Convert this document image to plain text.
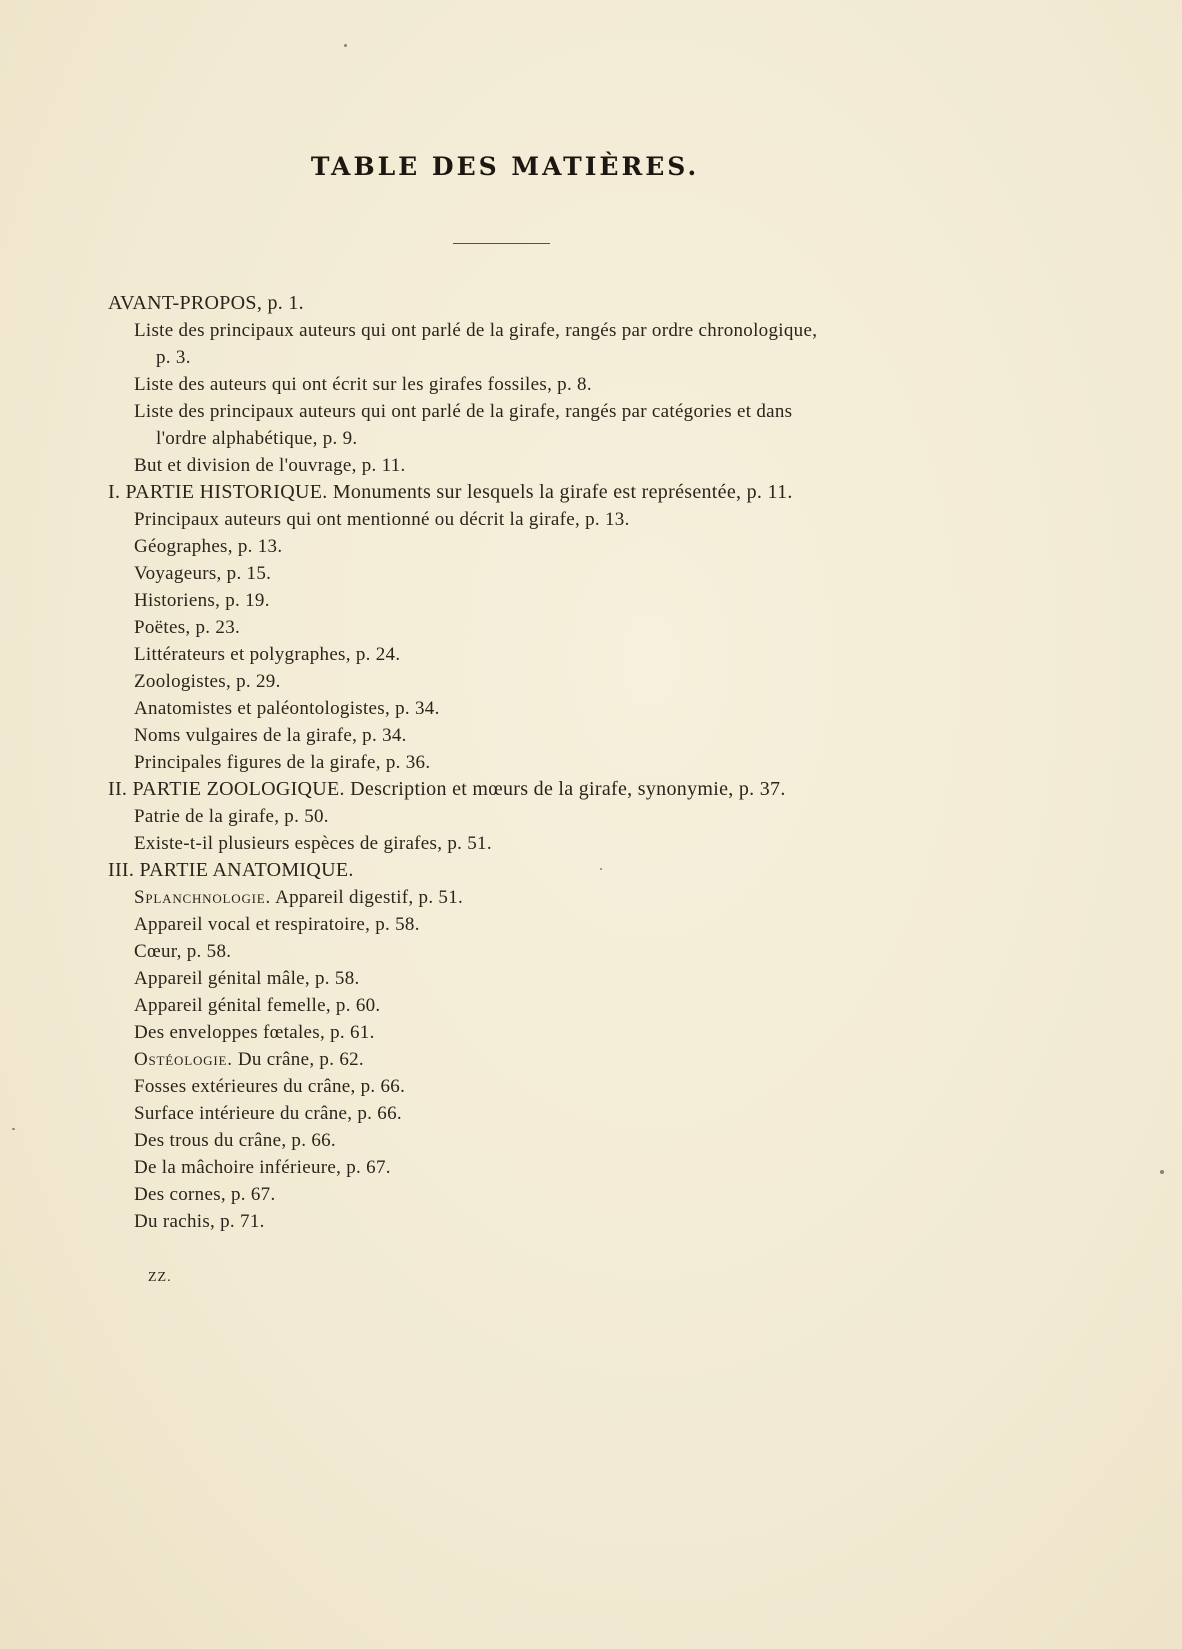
TABLE DES MATIÈRES.
AVANT-PROPOS, p. 1.
Liste des principaux auteurs qui ont parlé de la girafe, rangés par ordre chronologique,
p. 3.
Liste des auteurs qui ont écrit sur les girafes fossiles, p. 8.
Liste des principaux auteurs qui ont parlé de la girafe, rangés par catégories et dans
l'ordre alphabétique, p. 9.
But et division de l'ouvrage, p. 11.
I. PARTIE HISTORIQUE. Monuments sur lesquels la girafe est représentée, p. 11.
Principaux auteurs qui ont mentionné ou décrit la girafe, p. 13.
Géographes, p. 13.
Voyageurs, p. 15.
Historiens, p. 19.
Poëtes, p. 23.
Littérateurs et polygraphes, p. 24.
Zoologistes, p. 29.
Anatomistes et paléontologistes, p. 34.
Noms vulgaires de la girafe, p. 34.
Principales figures de la girafe, p. 36.
II. PARTIE ZOOLOGIQUE. Description et mœurs de la girafe, synonymie, p. 37.
Patrie de la girafe, p. 50.
Existe-t-il plusieurs espèces de girafes, p. 51.
III. PARTIE ANATOMIQUE.
Splanchnologie. Appareil digestif, p. 51.
Appareil vocal et respiratoire, p. 58.
Cœur, p. 58.
Appareil génital mâle, p. 58.
Appareil génital femelle, p. 60.
Des enveloppes fœtales, p. 61.
Ostéologie. Du crâne, p. 62.
Fosses extérieures du crâne, p. 66.
Surface intérieure du crâne, p. 66.
Des trous du crâne, p. 66.
De la mâchoire inférieure, p. 67.
Des cornes, p. 67.
Du rachis, p. 71.
ZZ.
